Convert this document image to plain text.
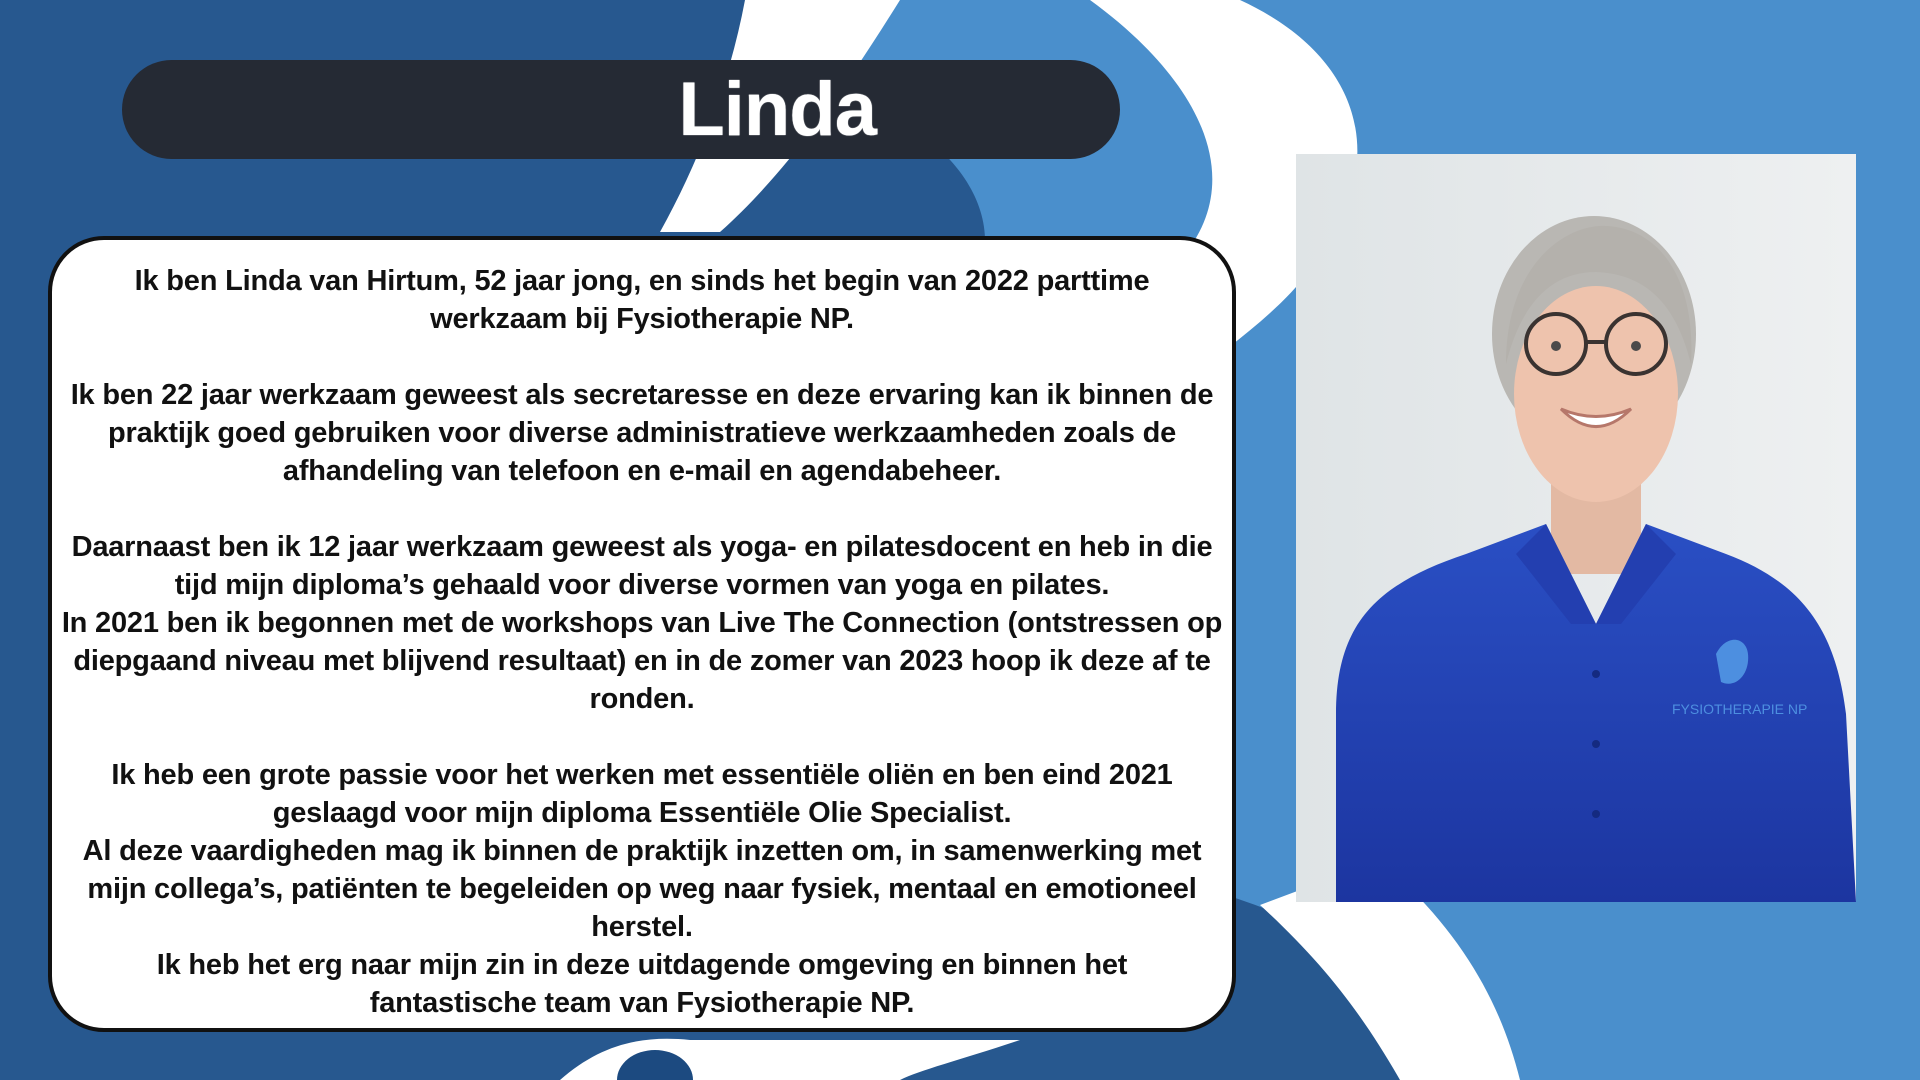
Linda

Ik ben Linda van Hirtum, 52 jaar jong, en sinds het begin van 2022 parttime werkzaam bij Fysiotherapie NP.

Ik ben 22 jaar werkzaam geweest als secretaresse en deze ervaring kan ik binnen de praktijk goed gebruiken voor diverse administratieve werkzaamheden zoals de afhandeling van telefoon en e-mail en agendabeheer.

Daarnaast ben ik 12 jaar werkzaam geweest als yoga- en pilatesdocent en heb in die tijd mijn diploma’s gehaald voor diverse vormen van yoga en pilates.

In 2021 ben ik begonnen met de workshops van Live The Connection (ontstressen op diepgaand niveau met blijvend resultaat) en in de zomer van 2023 hoop ik deze af te ronden.

Ik heb een grote passie voor het werken met essentiële oliën en ben eind 2021 geslaagd voor mijn diploma Essentiële Olie Specialist.

Al deze vaardigheden mag ik binnen de praktijk inzetten om, in samenwerking met mijn collega’s, patiënten te begeleiden op weg naar fysiek, mentaal en emotioneel herstel.

Ik heb het erg naar mijn zin in deze uitdagende omgeving en binnen het fantastische team van Fysiotherapie NP.

FYSIOTHERAPIE NP
